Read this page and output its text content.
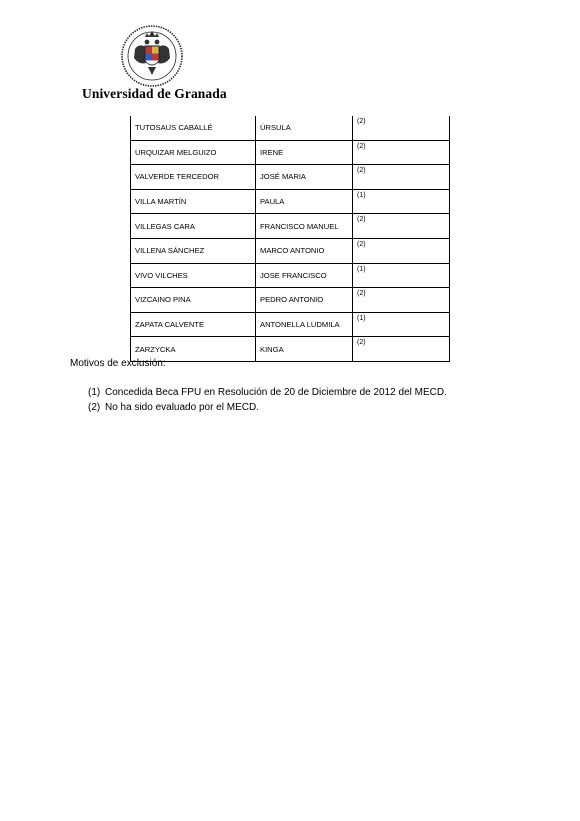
Universidad de Granada
TUTOSAUS CABALLÉ	ÚRSULA	(2)
URQUIZAR MELGUIZO	IRENE	(2)
VALVERDE TERCEDOR	JOSÉ MARIA	(2)
VILLA MARTÍN	PAULA	(1)
VILLEGAS CARA	FRANCISCO MANUEL	(2)
VILLENA SÁNCHEZ	MARCO ANTONIO	(2)
VIVO VILCHES	JOSE FRANCISCO	(1)
VIZCAINO PINA	PEDRO ANTONIO	(2)
ZAPATA CALVENTE	ANTONELLA LUDMILA	(1)
ZARZYCKA	KINGA	(2)
Motivos de exclusión:
(1) Concedida Beca FPU en Resolución de 20 de Diciembre de 2012 del MECD.
(2) No ha sido evaluado por el MECD.
